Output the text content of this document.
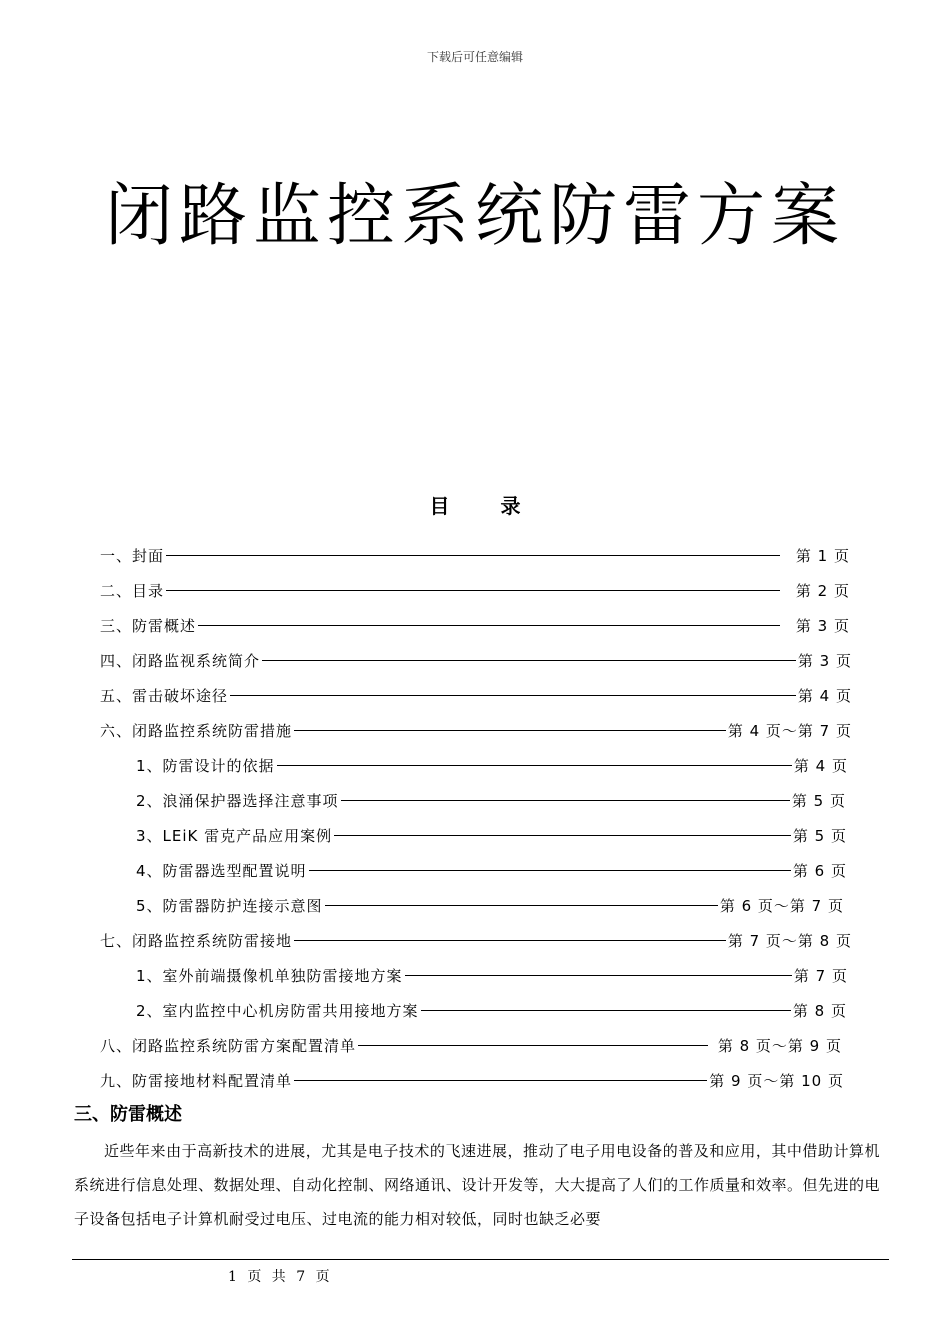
下载后可任意编辑
闭路监控系统防雷方案
目 录
一、封面	第 1 页
二、目录	第 2 页
三、防雷概述	第 3 页
四、闭路监视系统简介	第 3 页
五、雷击破坏途径	第 4 页
六、闭路监控系统防雷措施	第 4 页～第 7 页
1、防雷设计的依据	第 4 页
2、浪涌保护器选择注意事项	第 5 页
3、LEiK 雷克产品应用案例	第 5 页
4、防雷器选型配置说明	第 6 页
5、防雷器防护连接示意图	第 6 页～第 7 页
七、闭路监控系统防雷接地	第 7 页～第 8 页
1、室外前端摄像机单独防雷接地方案	第 7 页
2、室内监控中心机房防雷共用接地方案	第 8 页
八、闭路监控系统防雷方案配置清单	第 8 页～第 9 页
九、防雷接地材料配置清单	第 9 页～第 10 页
三、防雷概述
近些年来由于高新技术的进展，尤其是电子技术的飞速进展，推动了电子用电设备的普及和应用，其中借助计算机系统进行信息处理、数据处理、自动化控制、网络通讯、设计开发等，大大提高了人们的工作质量和效率。但先进的电子设备包括电子计算机耐受过电压、过电流的能力相对较低，同时也缺乏必要
1 页 共 7 页
